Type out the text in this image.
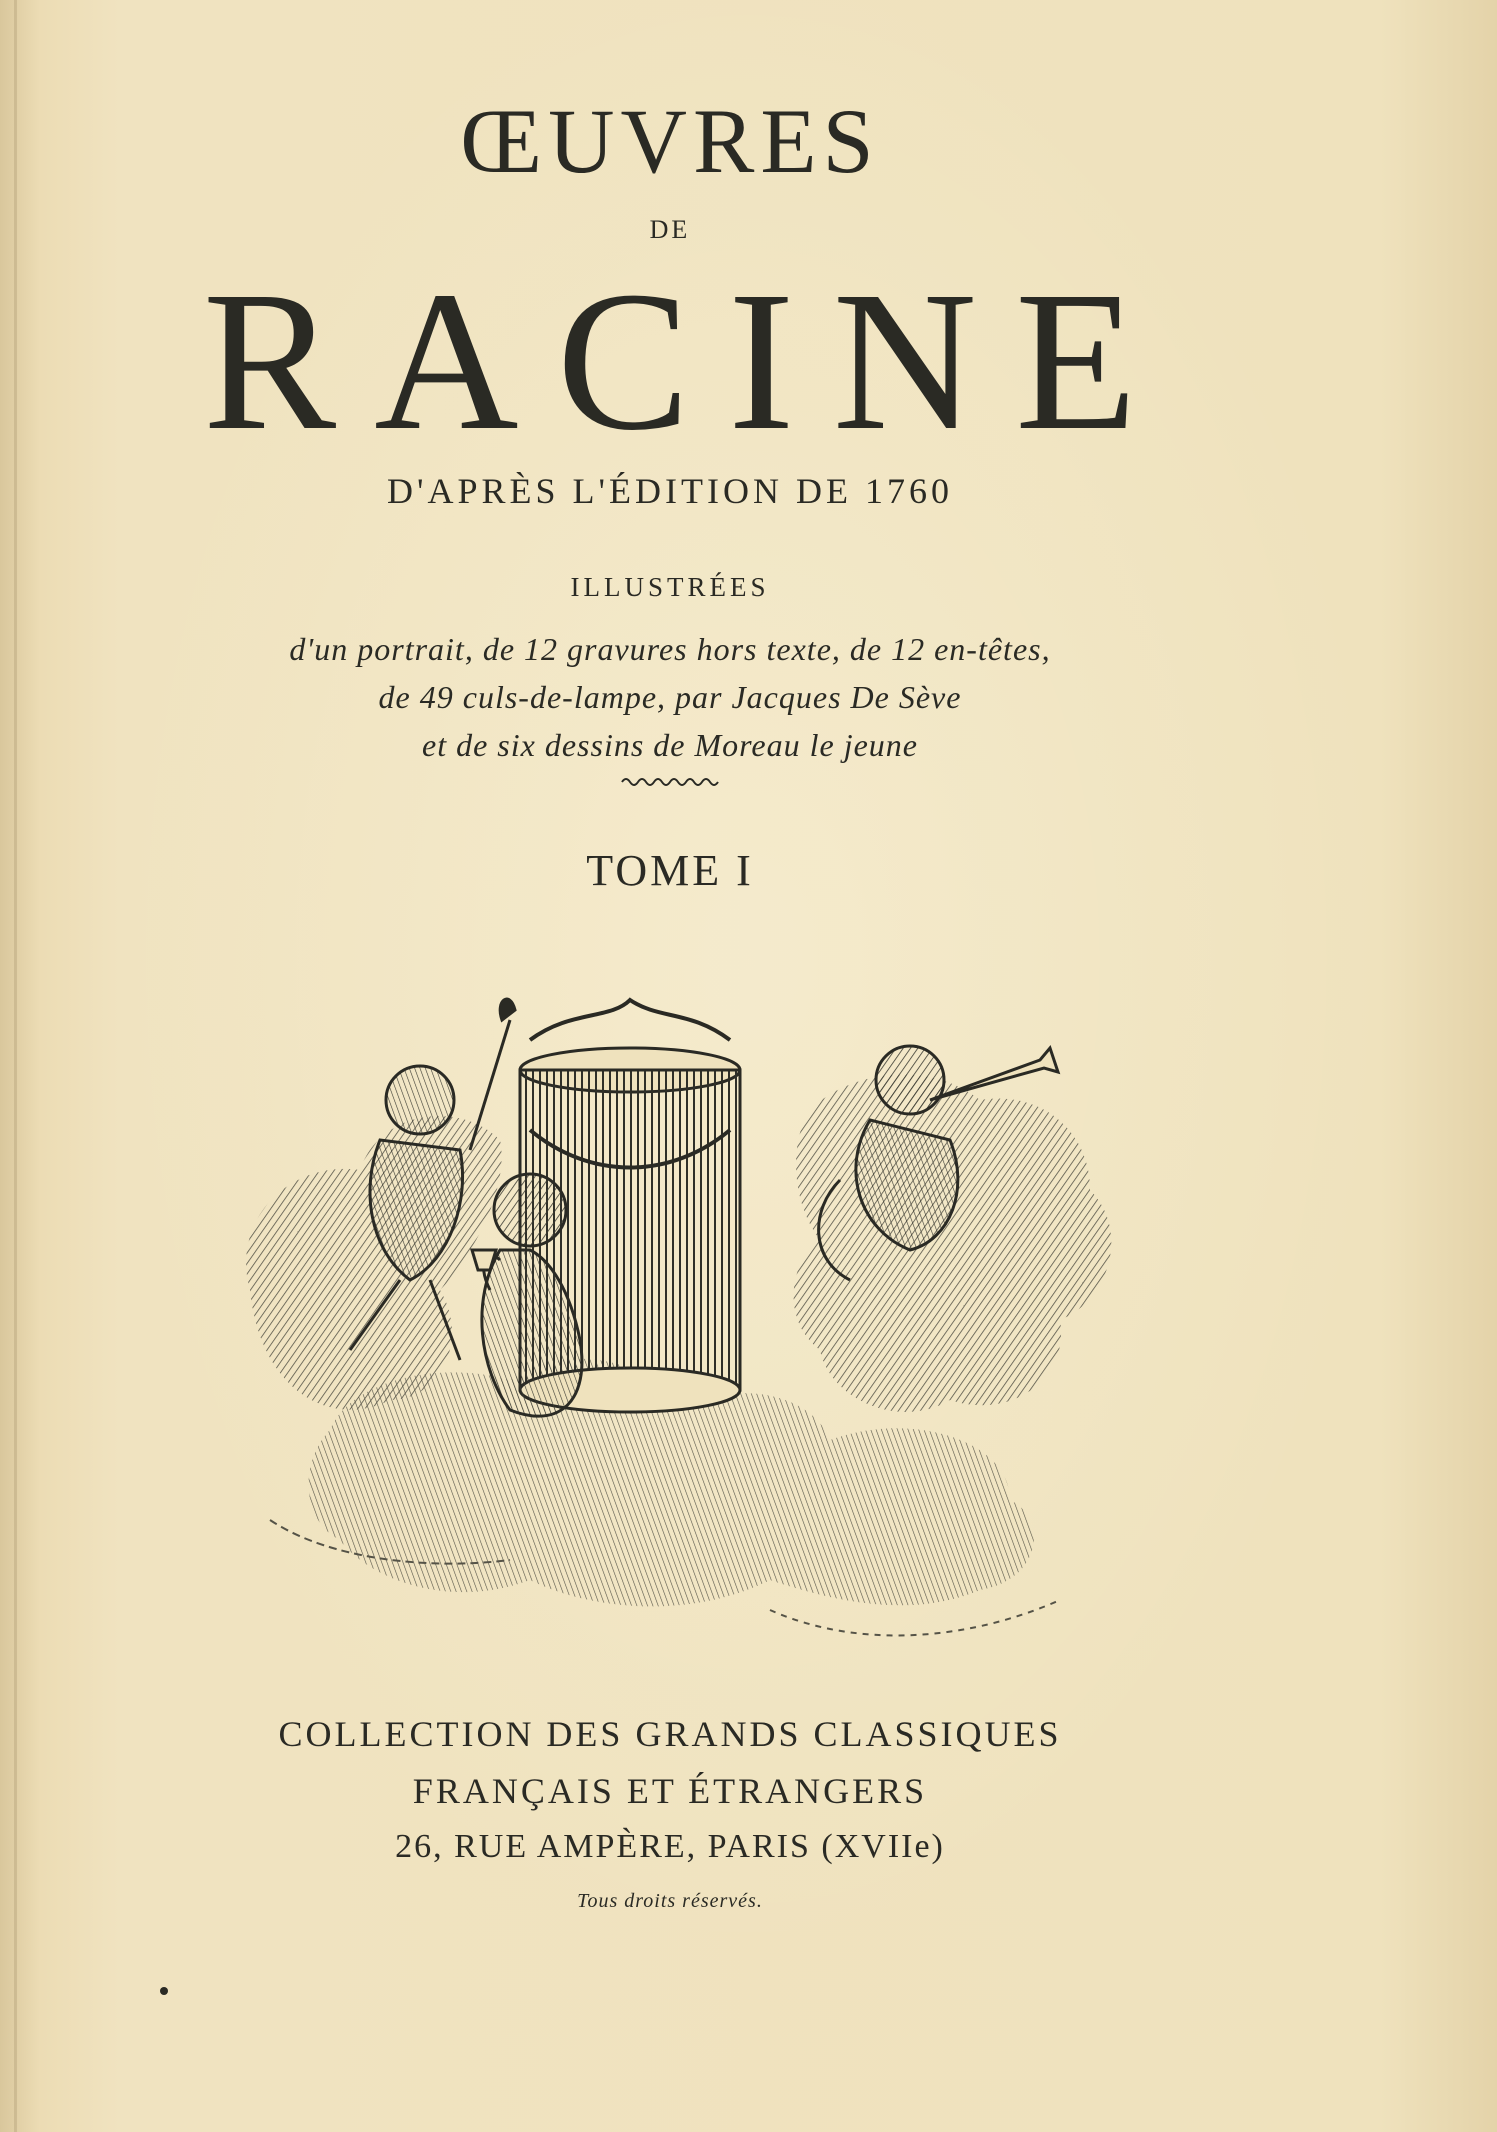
ŒUVRES
DE
RACINE
D'APRÈS L'ÉDITION DE 1760
ILLUSTRÉES
d'un portrait, de 12 gravures hors texte, de 12 en-têtes,
de 49 culs-de-lampe, par Jacques De Sève
et de six dessins de Moreau le jeune
TOME I
COLLECTION DES GRANDS CLASSIQUES
FRANÇAIS ET ÉTRANGERS
26, RUE AMPÈRE, PARIS (XVIIe)
Tous droits réservés.
